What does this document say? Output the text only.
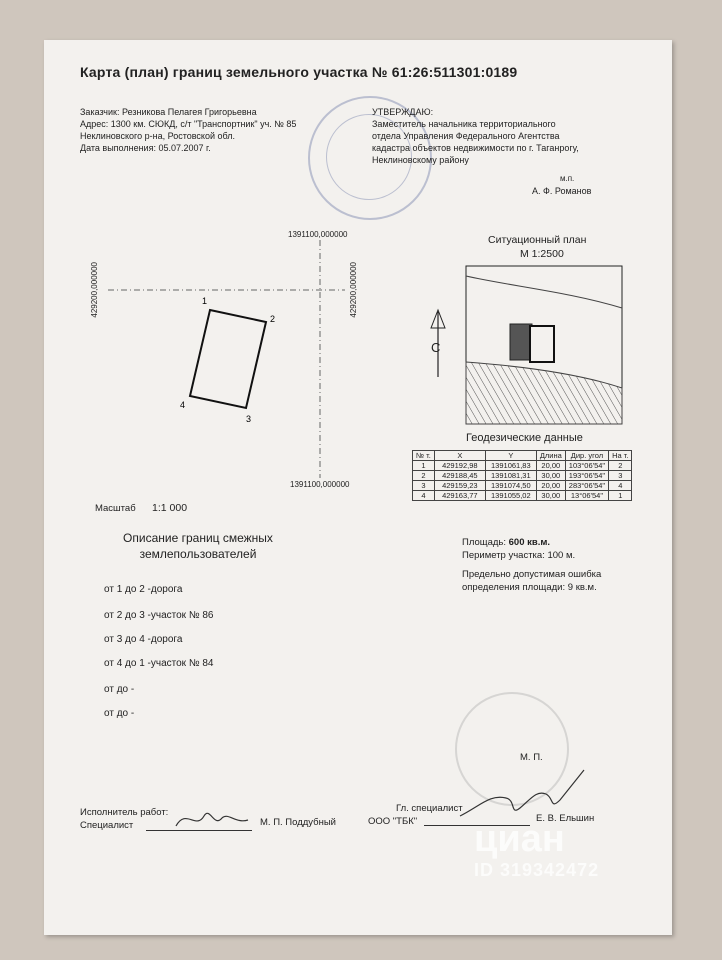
Карта (план) границ земельного участка № 61:26:511301:0189
Заказчик: Резникова Пелагея Григорьевна
Адрес: 1300 км. СЮКД, с/т "Транспортник" уч. № 85
Неклиновского р-на, Ростовской обл.
Дата выполнения: 05.07.2007 г.
УТВЕРЖДАЮ:
Заместитель начальника территориального
отдела Управления Федерального Агентства
кадастра объектов недвижимости по г. Таганрогу,
Неклиновскому району
м.п.
А. Ф. Романов
1391100,000000
1391100,000000
429200,000000	429200,000000
1
2
3
4
Масштаб 1:1 000
Ситуационный план
М 1:2500
С
Геодезические данные
№ т.	X	Y	Длина	Дир. угол	На т.
1	429192,98	1391061,83	20,00	103°06'54"	2
2	429188,45	1391081,31	30,00	193°06'54"	3
3	429159,23	1391074,50	20,00	283°06'54"	4
4	429163,77	1391055,02	30,00	13°06'54"	1
Площадь: 600 кв.м.
Периметр участка: 100 м.
Предельно допустимая ошибка
определения площади: 9 кв.м.
Описание границ смежных
землепользователей
от 1 до 2 -дорога
от 2 до 3 -участок № 86
от 3 до 4 -дорога
от 4 до 1 -участок № 84
от до -
от до -
М. П.
Исполнитель работ:
Специалист	М. П. Поддубный
Гл. специалист
ООО "ТБК"	Е. В. Ельшин
циан
ID 319342472
